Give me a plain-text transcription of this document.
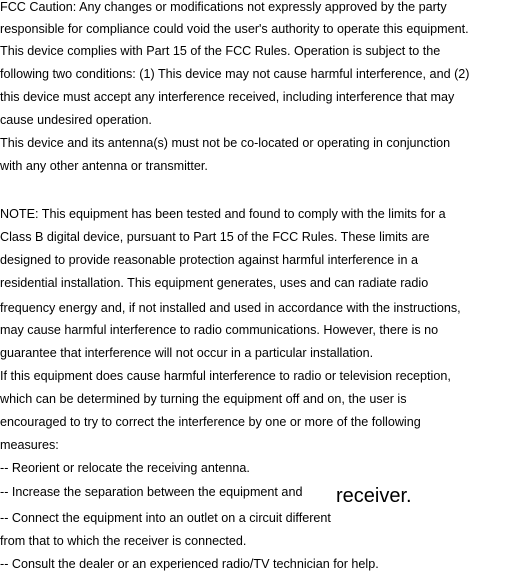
FCC Caution: Any changes or modifications not expressly approved by the party
responsible for compliance could void the user's authority to operate this equipment.
This device complies with Part 15 of the FCC Rules. Operation is subject to the
following two conditions: (1) This device may not cause harmful interference, and (2)
this device must accept any interference received, including interference that may
cause undesired operation.
This device and its antenna(s) must not be co-located or operating in conjunction
with any other antenna or transmitter.
NOTE: This equipment has been tested and found to comply with the limits for a
Class B digital device, pursuant to Part 15 of the FCC Rules. These limits are
designed to provide reasonable protection against harmful interference in a
residential installation. This equipment generates, uses and can radiate radio
frequency energy and, if not installed and used in accordance with the instructions,
may cause harmful interference to radio communications. However, there is no
guarantee that interference will not occur in a particular installation.
If this equipment does cause harmful interference to radio or television reception,
which can be determined by turning the equipment off and on, the user is
encouraged to try to correct the interference by one or more of the following
measures:
-- Reorient or relocate the receiving antenna.
-- Increase the separation between the equipment and receiver.
-- Connect the equipment into an outlet on a circuit different
from that to which the receiver is connected.
-- Consult the dealer or an experienced radio/TV technician for help.
